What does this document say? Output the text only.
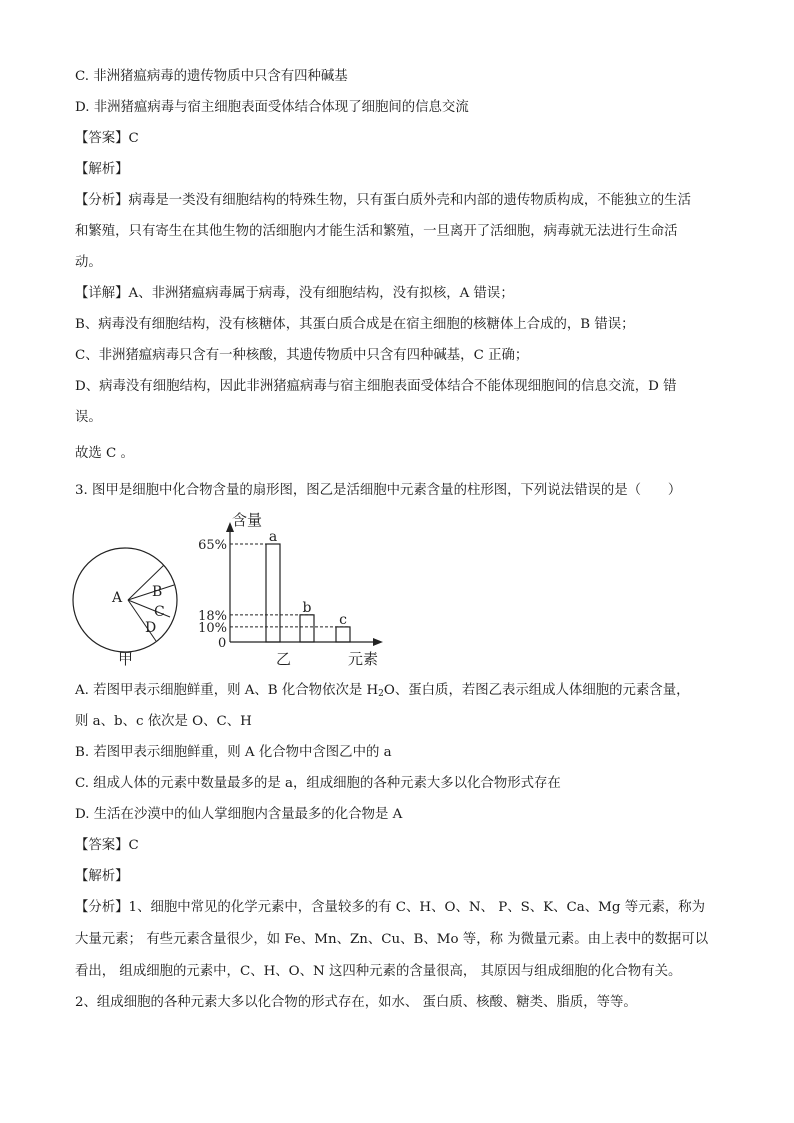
C. 非洲猪瘟病毒的遗传物质中只含有四种碱基
D. 非洲猪瘟病毒与宿主细胞表面受体结合体现了细胞间的信息交流
【答案】C
【解析】
【分析】病毒是一类没有细胞结构的特殊生物，只有蛋白质外壳和内部的遗传物质构成，不能独立的生活
和繁殖，只有寄生在其他生物的活细胞内才能生活和繁殖，一旦离开了活细胞，病毒就无法进行生命活
动。
【详解】A、非洲猪瘟病毒属于病毒，没有细胞结构，没有拟核，A 错误；
B、病毒没有细胞结构，没有核糖体，其蛋白质合成是在宿主细胞的核糖体上合成的，B 错误；
C、非洲猪瘟病毒只含有一种核酸，其遗传物质中只含有四种碱基，C 正确；
D、病毒没有细胞结构，因此非洲猪瘟病毒与宿主细胞表面受体结合不能体现细胞间的信息交流，D 错
误。
故选 C 。
3. 图甲是细胞中化合物含量的扇形图，图乙是活细胞中元素含量的柱形图，下列说法错误的是（　　）
A B
C
D
甲
含量
元素
乙
0
65%
18%
10%
a
b
c
A. 若图甲表示细胞鲜重，则 A、B 化合物依次是 $H_2O$、蛋白质，若图乙表示组成人体细胞的元素含量，
则 a、b、c 依次是 O、C、H
B. 若图甲表示细胞鲜重，则 A 化合物中含图乙中的 a
C. 组成人体的元素中数量最多的是 a，组成细胞的各种元素大多以化合物形式存在
D. 生活在沙漠中的仙人掌细胞内含量最多的化合物是 A
【答案】C
【解析】
【分析】1、细胞中常见的化学元素中，含量较多的有 C、H、O、N、 P、S、K、Ca、Mg 等元素，称为
大量元素； 有些元素含量很少，如 Fe、Mn、Zn、Cu、B、Mo 等，称 为微量元素。由上表中的数据可以
看出， 组成细胞的元素中，C、H、O、N 这四种元素的含量很高， 其原因与组成细胞的化合物有关。
2、组成细胞的各种元素大多以化合物的形式存在，如水、 蛋白质、核酸、糖类、脂质，等等。
